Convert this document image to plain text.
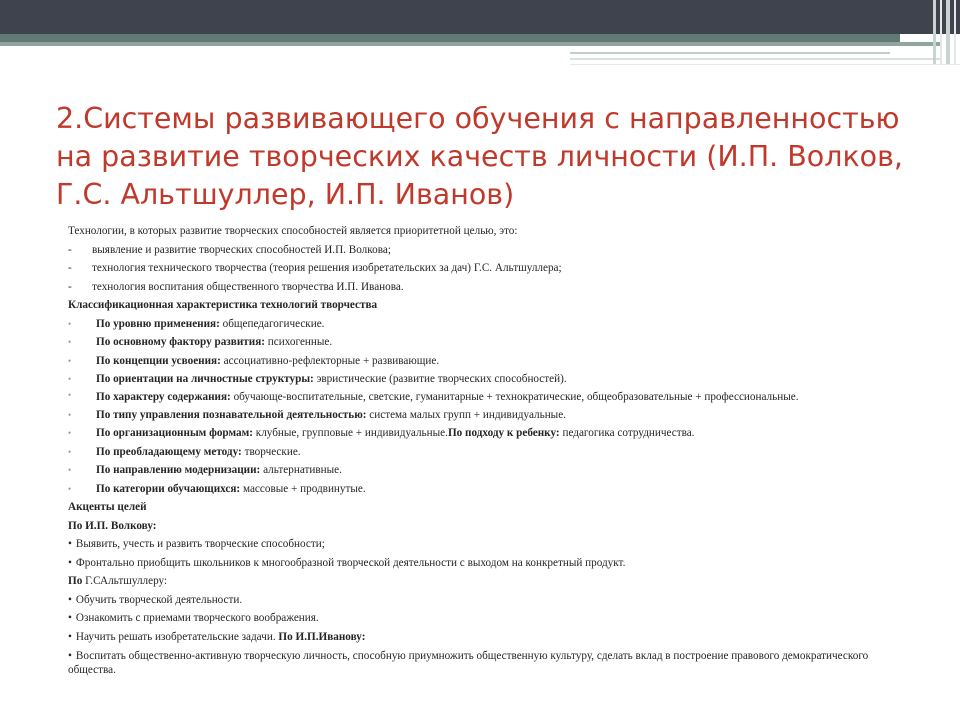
2.Системы развивающего обучения с направленностью на развитие творческих качеств личности (И.П. Волков, Г.С. Альтшуллер, И.П. Иванов)

Технологии, в которых развитие творческих способностей является приоритетной целью, это:

- выявление и развитие творческих способностей И.П. Волкова;

- технология технического творчества (теория решения изобретательских за дач) Г.С. Альтшуллера;

- технология воспитания общественного творчества И.П. Иванова.

Классификационная характеристика технологий творчества

• По уровню применения: общепедагогические.

• По основному фактору развития: психогенные.

• По концепции усвоения: ассоциативно-рефлекторные + развивающие.

• По ориентации на личностные структуры: эвристические (развитие творческих способностей).

• По характеру содержания: обучающе-воспитательные, светские, гуманитарные + технократические, общеобразовательные + профессиональные.

• По типу управления познавательной деятельностью: система малых групп + индивидуальные.

• По организационным формам: клубные, групповые + индивидуальные.По подходу к ребенку: педагогика сотрудничества.

• По преобладающему методу: творческие.

• По направлению модернизации: альтернативные.

• По категории обучающихся: массовые + продвинутые.

Акценты целей

По И.П. Волкову:

• Выявить, учесть и развить творческие способности;

• Фронтально приобщить школьников к многообразной творческой деятельности с выходом на конкретный продукт.

По Г.САльтшуллеру:

• Обучить творческой деятельности.

• Ознакомить с приемами творческого воображения.

• Научить решать изобретательские задачи. По И.П.Иванову:

• Воспитать общественно-активную творческую личность, способную приумножить общественную культуру, сделать вклад в построение правового демократического общества.
